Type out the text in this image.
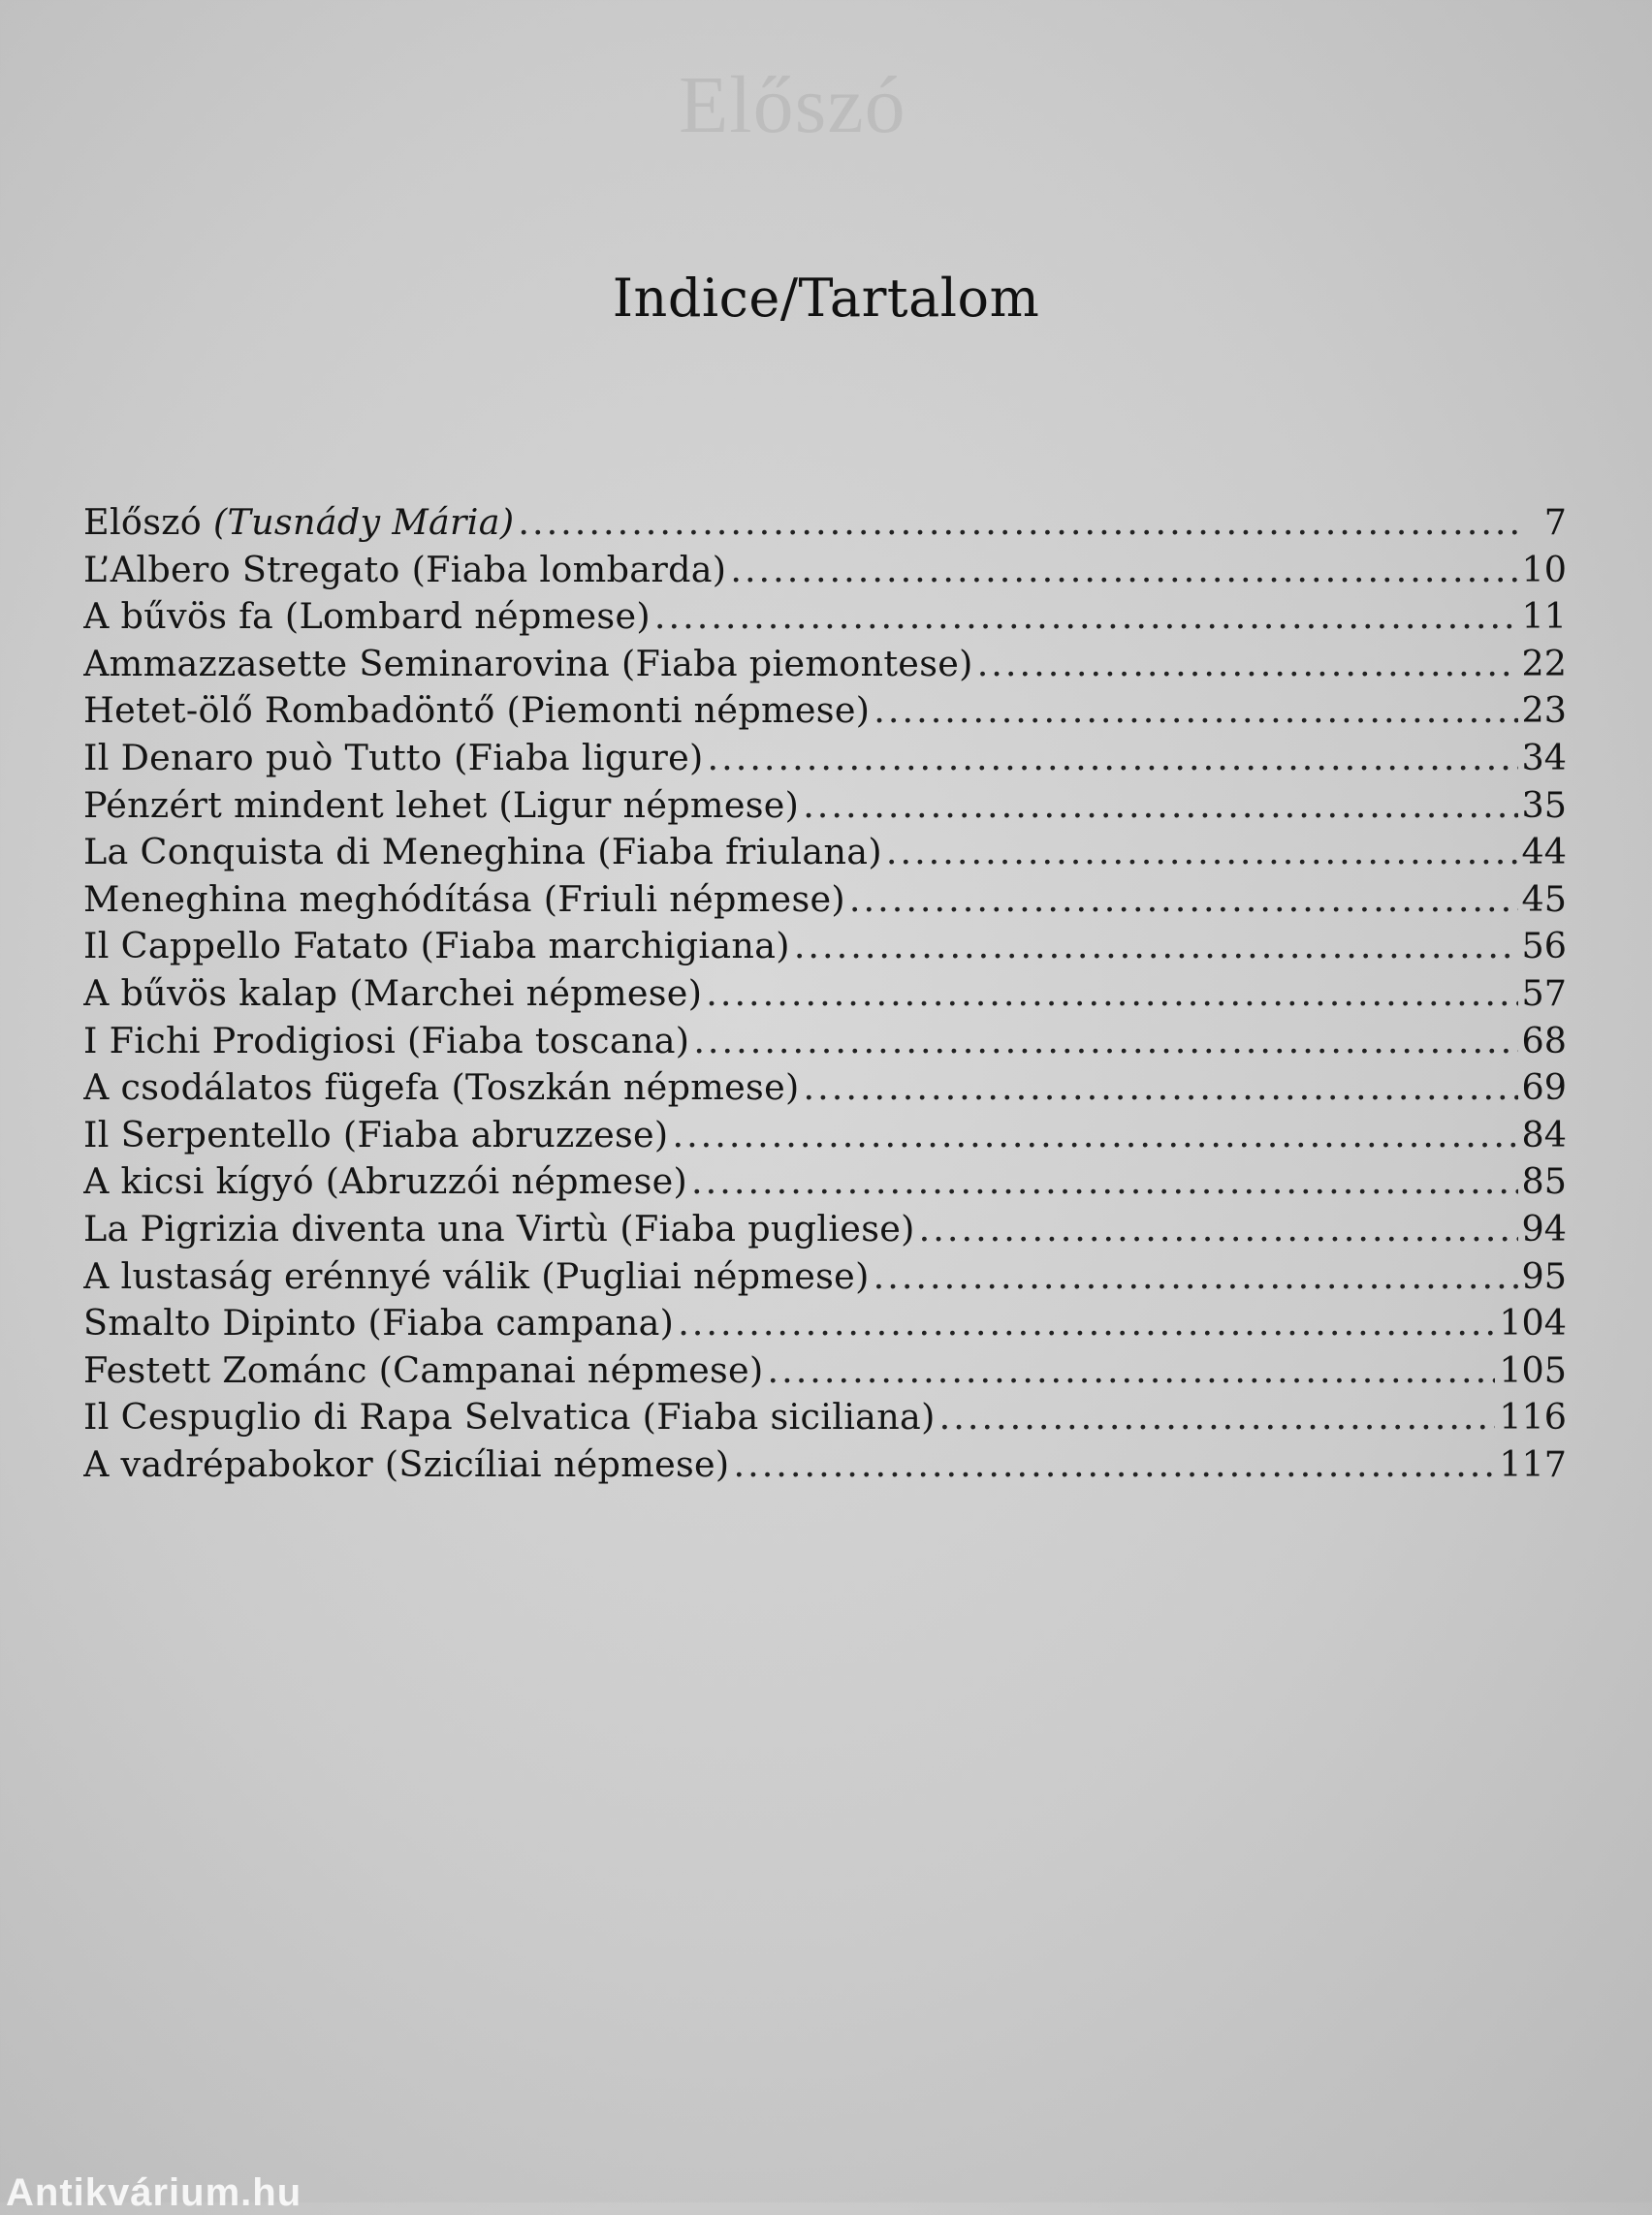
Előszó
Indice/Tartalom
Előszó (Tusnády Mária) .....	7
L’Albero Stregato (Fiaba lombarda) .....	10
A bűvös fa (Lombard népmese) .....	11
Ammazzasette Seminarovina (Fiaba piemontese) .....	22
Hetet-ölő Rombadöntő (Piemonti népmese) .....	23
Il Denaro può Tutto (Fiaba ligure) .....	34
Pénzért mindent lehet (Ligur népmese) .....	35
La Conquista di Meneghina (Fiaba friulana) .....	44
Meneghina meghódítása (Friuli népmese) .....	45
Il Cappello Fatato (Fiaba marchigiana) .....	56
A bűvös kalap (Marchei népmese) .....	57
I Fichi Prodigiosi (Fiaba toscana) .....	68
A csodálatos fügefa (Toszkán népmese) .....	69
Il Serpentello (Fiaba abruzzese) .....	84
A kicsi kígyó (Abruzzói népmese) .....	85
La Pigrizia diventa una Virtù (Fiaba pugliese) .....	94
A lustaság erénnyé válik (Pugliai népmese) .....	95
Smalto Dipinto (Fiaba campana) .....	104
Festett Zománc (Campanai népmese) .....	105
Il Cespuglio di Rapa Selvatica (Fiaba siciliana) .....	116
A vadrépabokor (Szicíliai népmese) .....	117
Antikvárium.hu
